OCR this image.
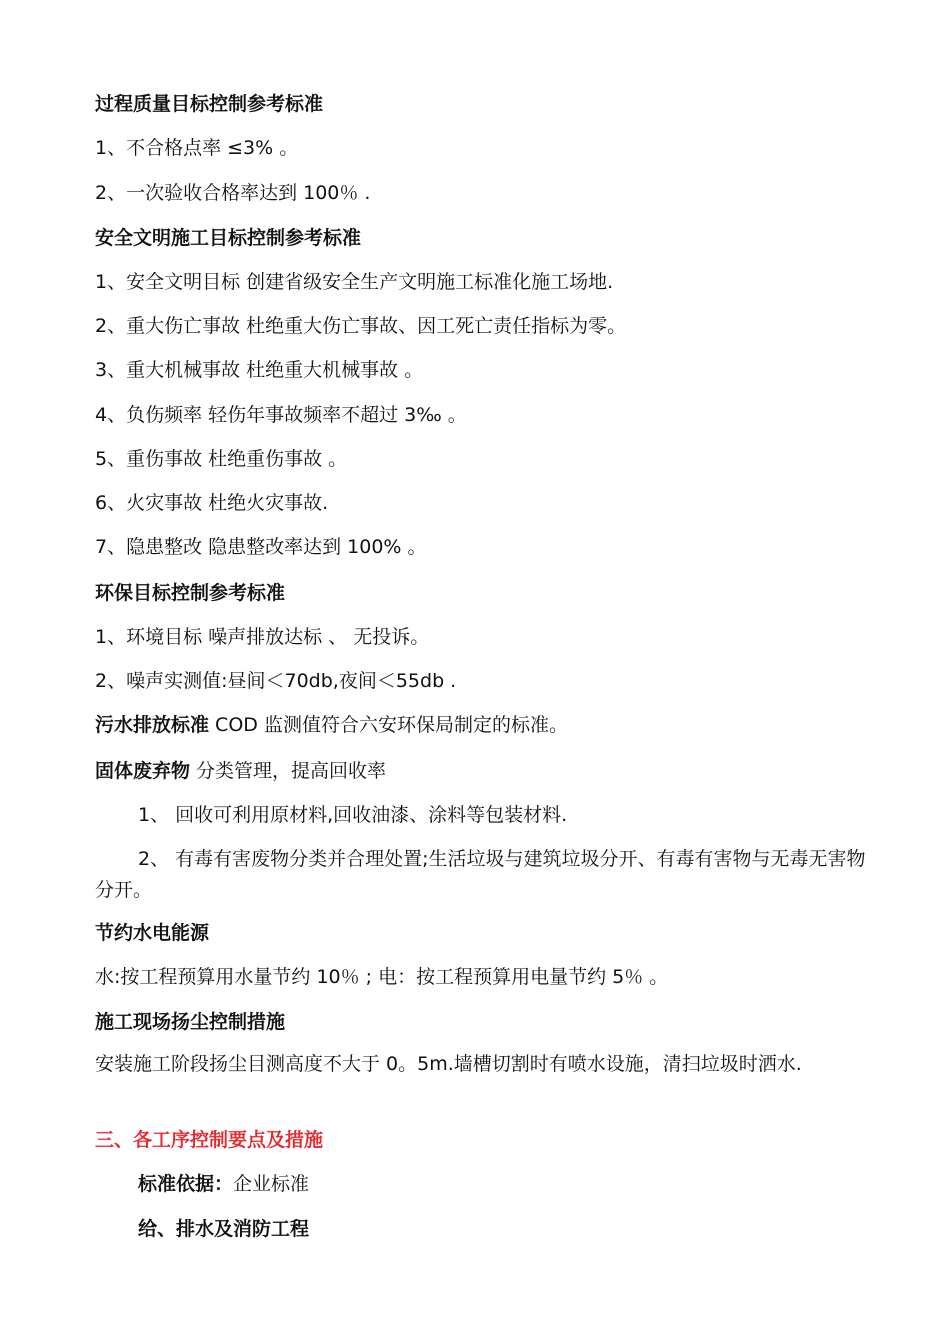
过程质量目标控制参考标准
1、不合格点率 ≤3% 。
2、一次验收合格率达到 100％ .
安全文明施工目标控制参考标准
1、安全文明目标 创建省级安全生产文明施工标准化施工场地.
2、重大伤亡事故 杜绝重大伤亡事故、因工死亡责任指标为零。
3、重大机械事故 杜绝重大机械事故 。
4、负伤频率 轻伤年事故频率不超过 3‰ 。
5、重伤事故 杜绝重伤事故 。
6、火灾事故 杜绝火灾事故.
7、隐患整改 隐患整改率达到 100% 。
环保目标控制参考标准
1、环境目标 噪声排放达标 、 无投诉。
2、噪声实测值:昼间＜70db,夜间＜55db .
污水排放标准 COD 监测值符合六安环保局制定的标准。
固体废弃物 分类管理，提高回收率
1、 回收可利用原材料,回收油漆、涂料等包装材料.
2、 有毒有害废物分类并合理处置;生活垃圾与建筑垃圾分开、有毒有害物与无毒无害物分开。
节约水电能源
水:按工程预算用水量节约 10％ ; 电：按工程预算用电量节约 5％ 。
施工现场扬尘控制措施
安装施工阶段扬尘目测高度不大于 0。5m.墙槽切割时有喷水设施，清扫垃圾时洒水.
三、各工序控制要点及措施
标准依据：企业标准
给、排水及消防工程
